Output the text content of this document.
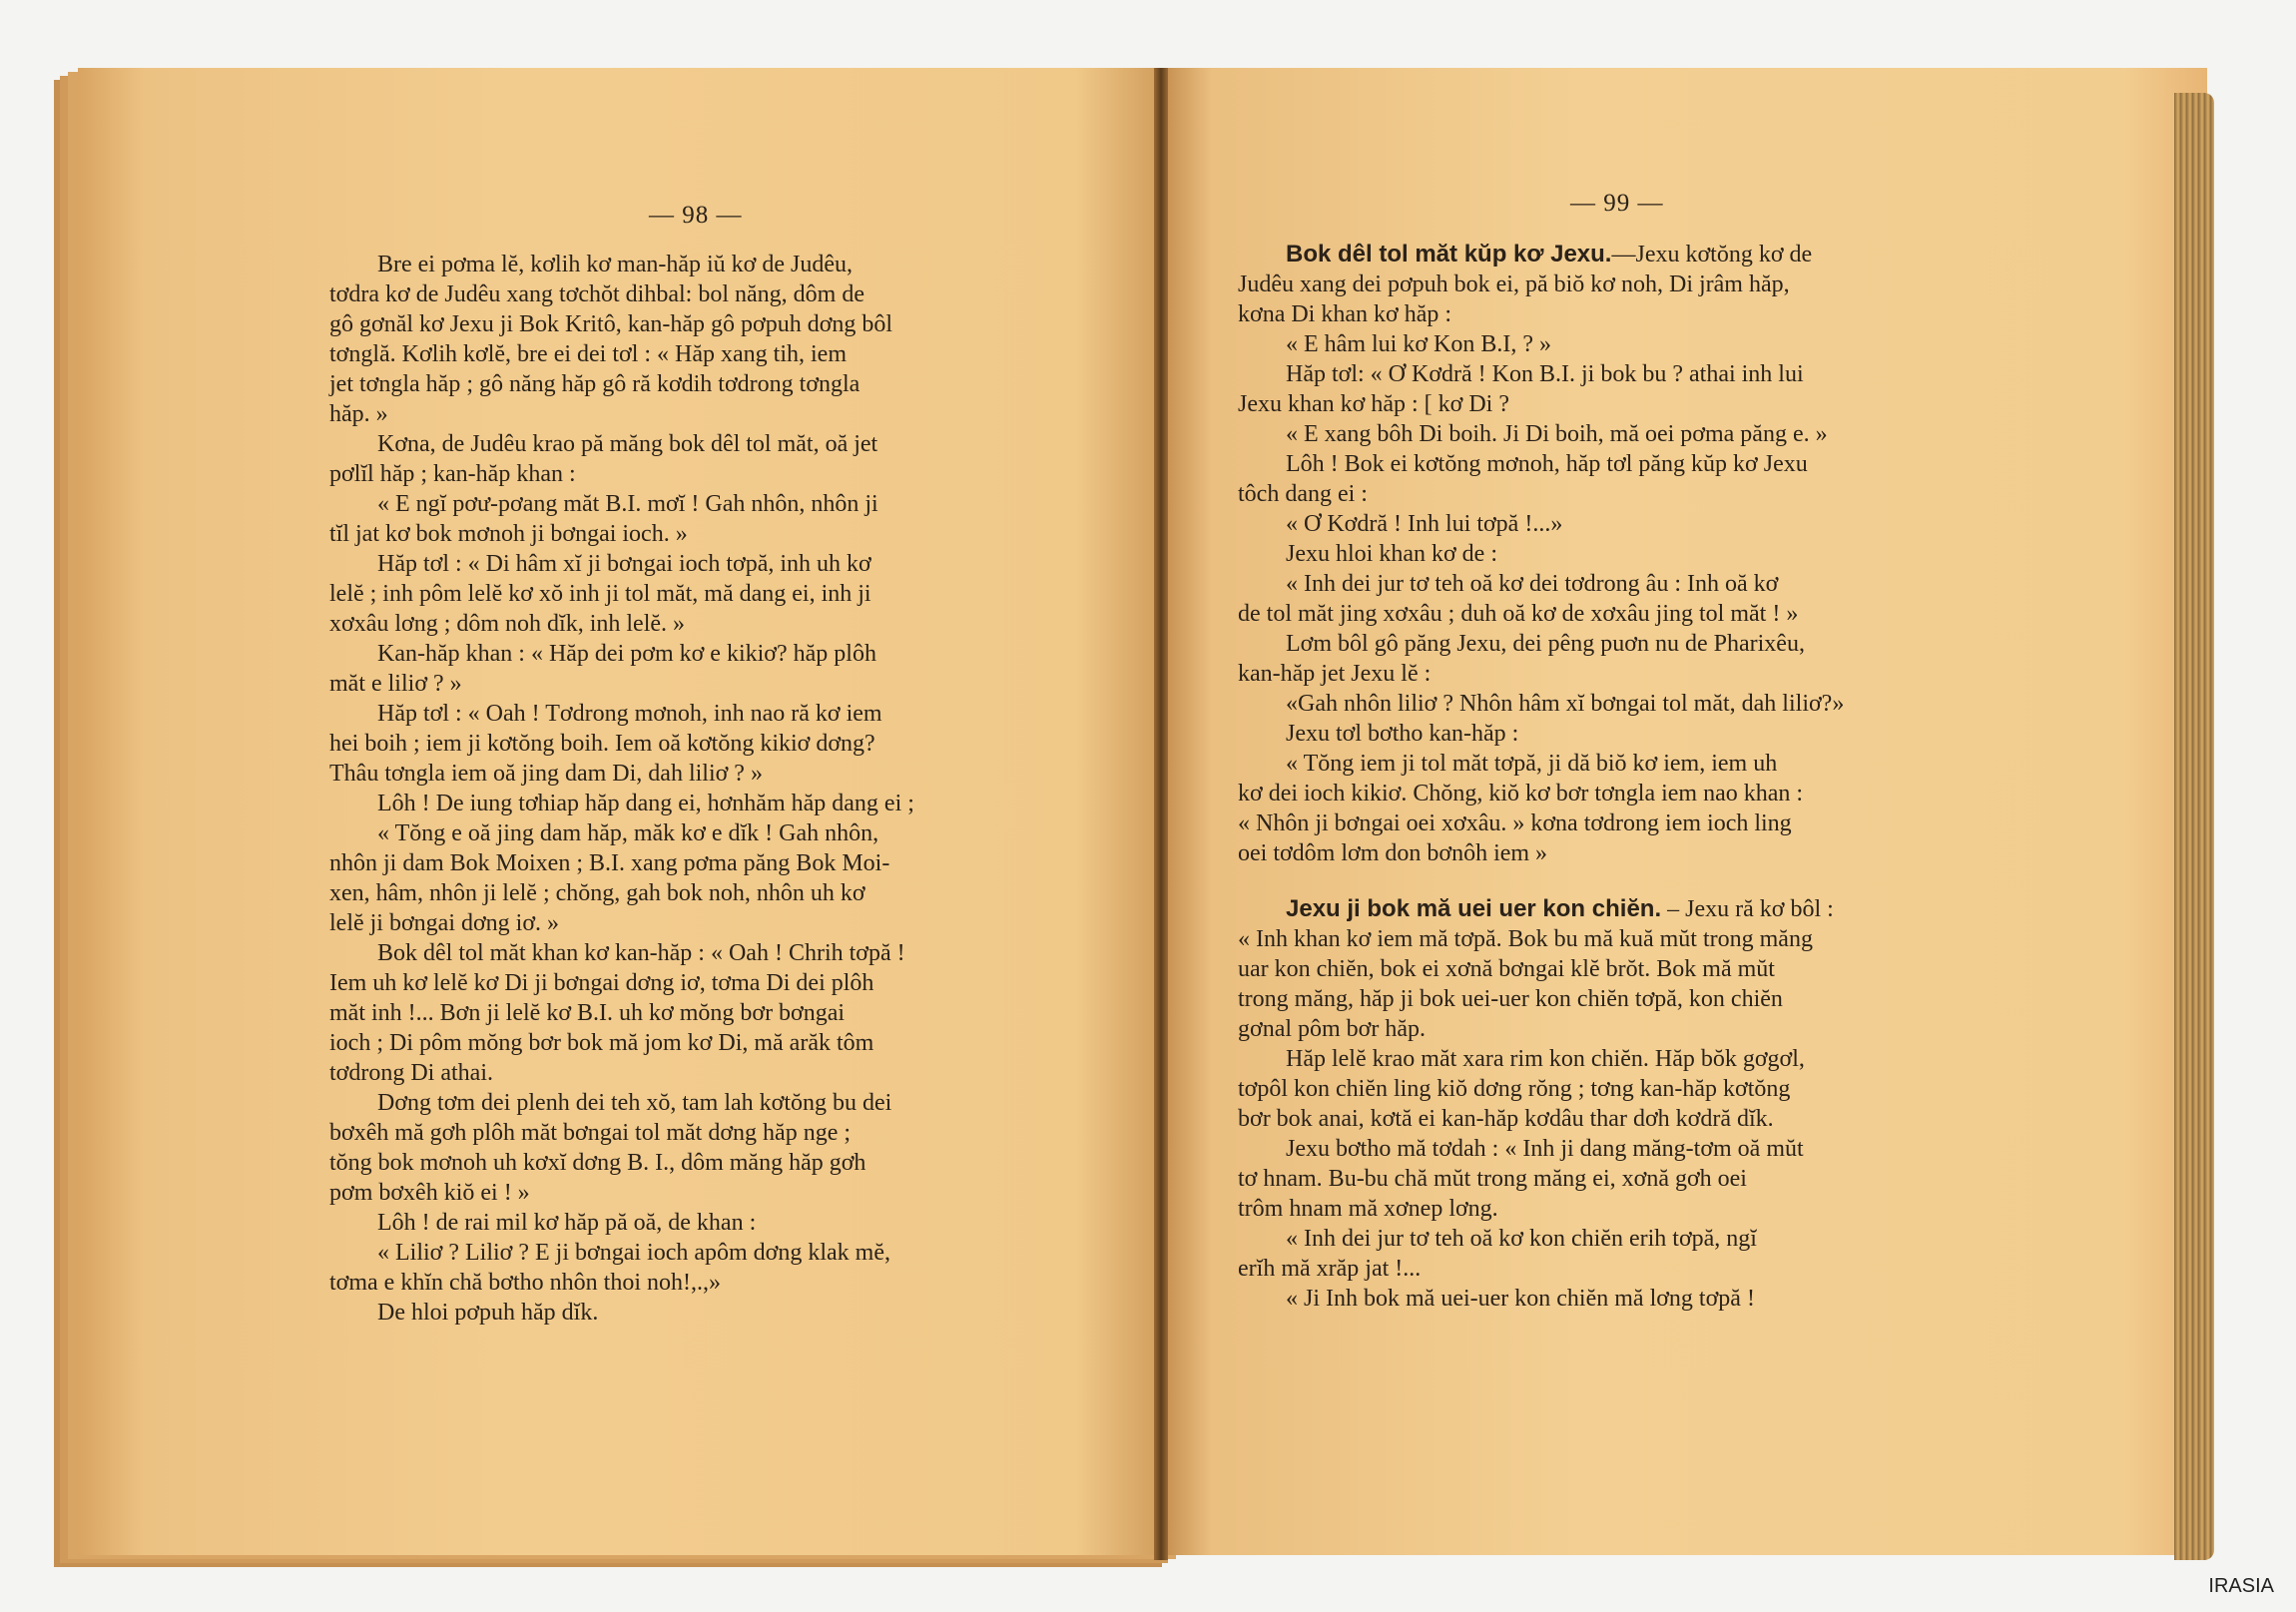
— 98 —	— 99 —

Bre ei pơma lĕ, kơlih kơ man-hăp iŭ kơ de Judêu,

tơdra kơ de Judêu xang tơchŏt dihbal: bol năng, dôm de

gô gơnăl kơ Jexu ji Bok Kritô, kan-hăp gô pơpuh dơng bôl

tơnglă. Kơlih kơlĕ, bre ei dei tơl : « Hăp xang tih, iem

jet tơngla hăp ; gô năng hăp gô ră kơdih tơdrong tơngla

hăp. »

Kơna, de Judêu krao pă măng bok dêl tol măt, oă jet

pơlĭl hăp ; kan-hăp khan :

« E ngĭ pơư-pơang măt B.I. mơĭ ! Gah nhôn, nhôn ji

tĭl jat kơ bok mơnoh ji bơngai ioch. »

Hăp tơl : « Di hâm xĭ ji bơngai ioch tơpă, inh uh kơ

lelĕ ; inh pôm lelĕ kơ xŏ inh ji tol măt, mă dang ei, inh ji

xơxâu lơng ; dôm noh dĭk, inh lelĕ. »

Kan-hăp khan : « Hăp dei pơm kơ e kikiơ? hăp plôh

măt e liliơ ? »

Hăp tơl : « Oah ! Tơdrong mơnoh, inh nao ră kơ iem

hei boih ; iem ji kơtŏng boih. Iem oă kơtŏng kikiơ dơng?

Thâu tơngla iem oă jing dam Di, dah liliơ ? »

Lôh ! De iung tơhiap hăp dang ei, hơnhăm hăp dang ei ;

« Tŏng e oă jing dam hăp, măk kơ e dĭk ! Gah nhôn,

nhôn ji dam Bok Moixen ; B.I. xang pơma păng Bok Moi-

xen, hâm, nhôn ji lelĕ ; chŏng, gah bok noh, nhôn uh kơ

lelĕ ji bơngai dơng iơ. »

Bok dêl tol măt khan kơ kan-hăp : « Oah ! Chrih tơpă !

Iem uh kơ lelĕ kơ Di ji bơngai dơng iơ, tơma Di dei plôh

măt inh !... Bơn ji lelĕ kơ B.I. uh kơ mŏng bơr bơngai

ioch ; Di pôm mŏng bơr bok mă jom kơ Di, mă arăk tôm

tơdrong Di athai.

Dơng tơm dei plenh dei teh xŏ, tam lah kơtŏng bu dei

bơxêh mă gơh plôh măt bơngai tol măt dơng hăp nge ;

tŏng bok mơnoh uh kơxĭ dơng B. I., dôm măng hăp gơh

pơm bơxêh kiŏ ei ! »

Lôh ! de rai mil kơ hăp pă oă, de khan :

« Liliơ ? Liliơ ? E ji bơngai ioch apôm dơng klak mĕ,

tơma e khĭn chă bơtho nhôn thoi noh!,.,»

De hloi pơpuh hăp dĭk.

Bok dêl tol măt kŭp kơ Jexu.—Jexu kơtŏng kơ de

Judêu xang dei pơpuh bok ei, pă biŏ kơ noh, Di jrâm hăp,

kơna Di khan kơ hăp :

« E hâm lui kơ Kon B.I, ? »

Hăp tơl: « Ơ Kơdră ! Kon B.I. ji bok bu ? athai inh lui

Jexu khan kơ hăp : [ kơ Di ?

« E xang bôh Di boih. Ji Di boih, mă oei pơma păng e. »

Lôh ! Bok ei kơtŏng mơnoh, hăp tơl păng kŭp kơ Jexu

tôch dang ei :

« Ơ Kơdră ! Inh lui tơpă !...»

Jexu hloi khan kơ de :

« Inh dei jur tơ teh oă kơ dei tơdrong âu : Inh oă kơ

de tol măt jing xơxâu ; duh oă kơ de xơxâu jing tol măt ! »

Lơm bôl gô păng Jexu, dei pêng puơn nu de Pharixêu,

kan-hăp jet Jexu lĕ :

«Gah nhôn liliơ ? Nhôn hâm xĭ bơngai tol măt, dah liliơ?»

Jexu tơl bơtho kan-hăp :

« Tŏng iem ji tol măt tơpă, ji dă biŏ kơ iem, iem uh

kơ dei ioch kikiơ. Chŏng, kiŏ kơ bơr tơngla iem nao khan :

« Nhôn ji bơngai oei xơxâu. » kơna tơdrong iem ioch ling

oei tơdôm lơm don bơnôh iem »

Jexu ji bok mă uei uer kon chiĕn. – Jexu ră kơ bôl :

« Inh khan kơ iem mă tơpă. Bok bu mă kuă mŭt trong măng

uar kon chiĕn, bok ei xơnă bơngai klĕ brŏt. Bok mă mŭt

trong măng, hăp ji bok uei-uer kon chiĕn tơpă, kon chiĕn

gơnal pôm bơr hăp.

Hăp lelĕ krao măt xara rim kon chiĕn. Hăp bŏk gơgơl,

tơpôl kon chiĕn ling kiŏ dơng rŏng ; tơng kan-hăp kơtŏng

bơr bok anai, kơtă ei kan-hăp kơdâu thar dơh kơdră dĭk.

Jexu bơtho mă tơdah : « Inh ji dang măng-tơm oă mŭt

tơ hnam. Bu-bu chă mŭt trong măng ei, xơnă gơh oei

trôm hnam mă xơnep lơng.

« Inh dei jur tơ teh oă kơ kon chiĕn erih tơpă, ngĭ

erĭh mă xrăp jat !...

« Ji Inh bok mă uei-uer kon chiĕn mă lơng tơpă !

IRASIA
